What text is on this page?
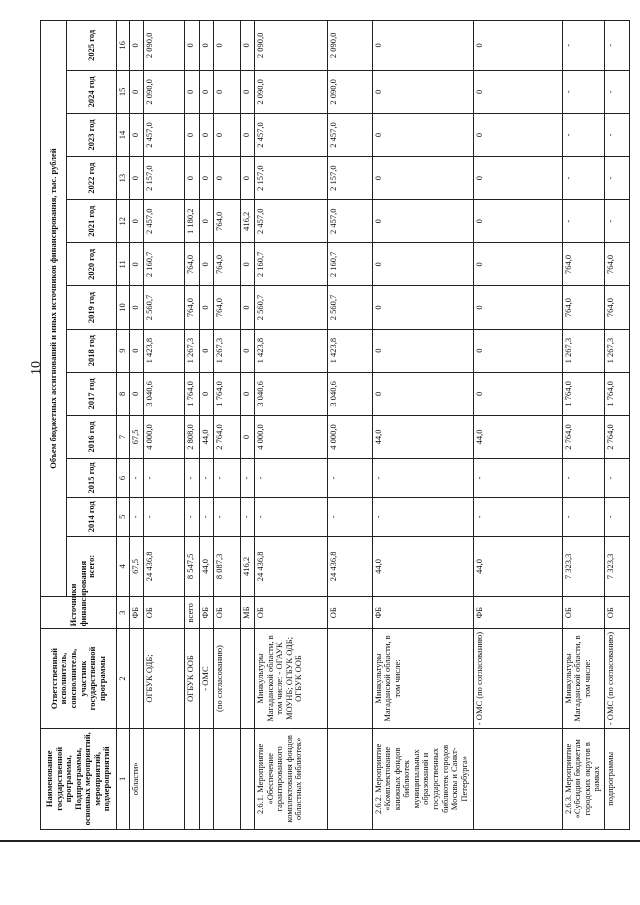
10
Наименование государственной программы, Подпрограммы, основных мероприятий, мероприятий, подмероприятий	Ответственный исполнитель, соисполнитель, участник государственной программы	Источники финансирования	Объем бюджетных ассигнований и иных источников финансирования, тыс. рублей												
			всего:	2014 год	2015 год	2016 год	2017 год	2018 год	2019 год	2020 год	2021 год	2022 год	2023 год	2024 год	2025 год
1	2	3	4	5	6	7	8	9	10	11	12	13	14	15	16
области»		ФБ	67,5	-	-	67,5	0	0	0	0	0	0	0	0	0
	ОГБУК ОДБ;	ОБ	24 436,8	-	-	4 000,0	3 040,6	1 423,8	2 560,7	2 160,7	2 457,0	2 157,0	2 457,0	2 090,0	2 090,0
	ОГБУК ООБ	всего	8 547,5	-	-	2 808,0	1 764,0	1 267,3	764,0	764,0	1 180,2	0	0	0	0
	- ОМС	ФБ	44,0	-	-	44,0	0	0	0	0	0	0	0	0	0
	(по согласованию)	ОБ	8 087,3	-	-	2 764,0	1 764,0	1 267,3	764,0	764,0	764,0	0	0	0	0
		МБ	416,2	-	-	0	0	0	0	0	416,2	0	0	0	0
2.6.1. Мероприятие «Обеспечение гарантированного комплектования фондов областных библиотек»	Минкультуры Магаданской области, в том числе: - ОГАУК МОУНБ; ОГБУК ОДБ; ОГБУК ООБ	ОБ	24 436,8	-	-	4 000,0	3 040,6	1 423,8	2 560,7	2 160,7	2 457,0	2 157,0	2 457,0	2 090,0	2 090,0
		ОБ	24 436,8	-	-	4 000,0	3 040,6	1 423,8	2 560,7	2 160,7	2 457,0	2 157,0	2 457,0	2 090,0	2 090,0
2.6.2. Мероприятие «Комплектование книжных фондов библиотек муниципальных образований и государственных библиотек городов Москвы и Санкт-Петербурга»	Минкультуры Магаданской области, в том числе:	ФБ	44,0	-	-	44,0	0	0	0	0	0	0	0	0	0
	- ОМС (по согласованию)	ФБ	44,0	-	-	44,0	0	0	0	0	0	0	0	0	0
2.6.3. Мероприятие «Субсидии бюджетам городских округов в рамках	Минкультуры Магаданской области, в том числе:	ОБ	7 323,3	-	-	2 764,0	1 764,0	1 267,3	764,0	764,0	-	-	-	-	-
подпрограммы	- ОМС (по согласованию)	ОБ	7 323,3	-	-	2 764,0	1 764,0	1 267,3	764,0	764,0	-	-	-	-	-
